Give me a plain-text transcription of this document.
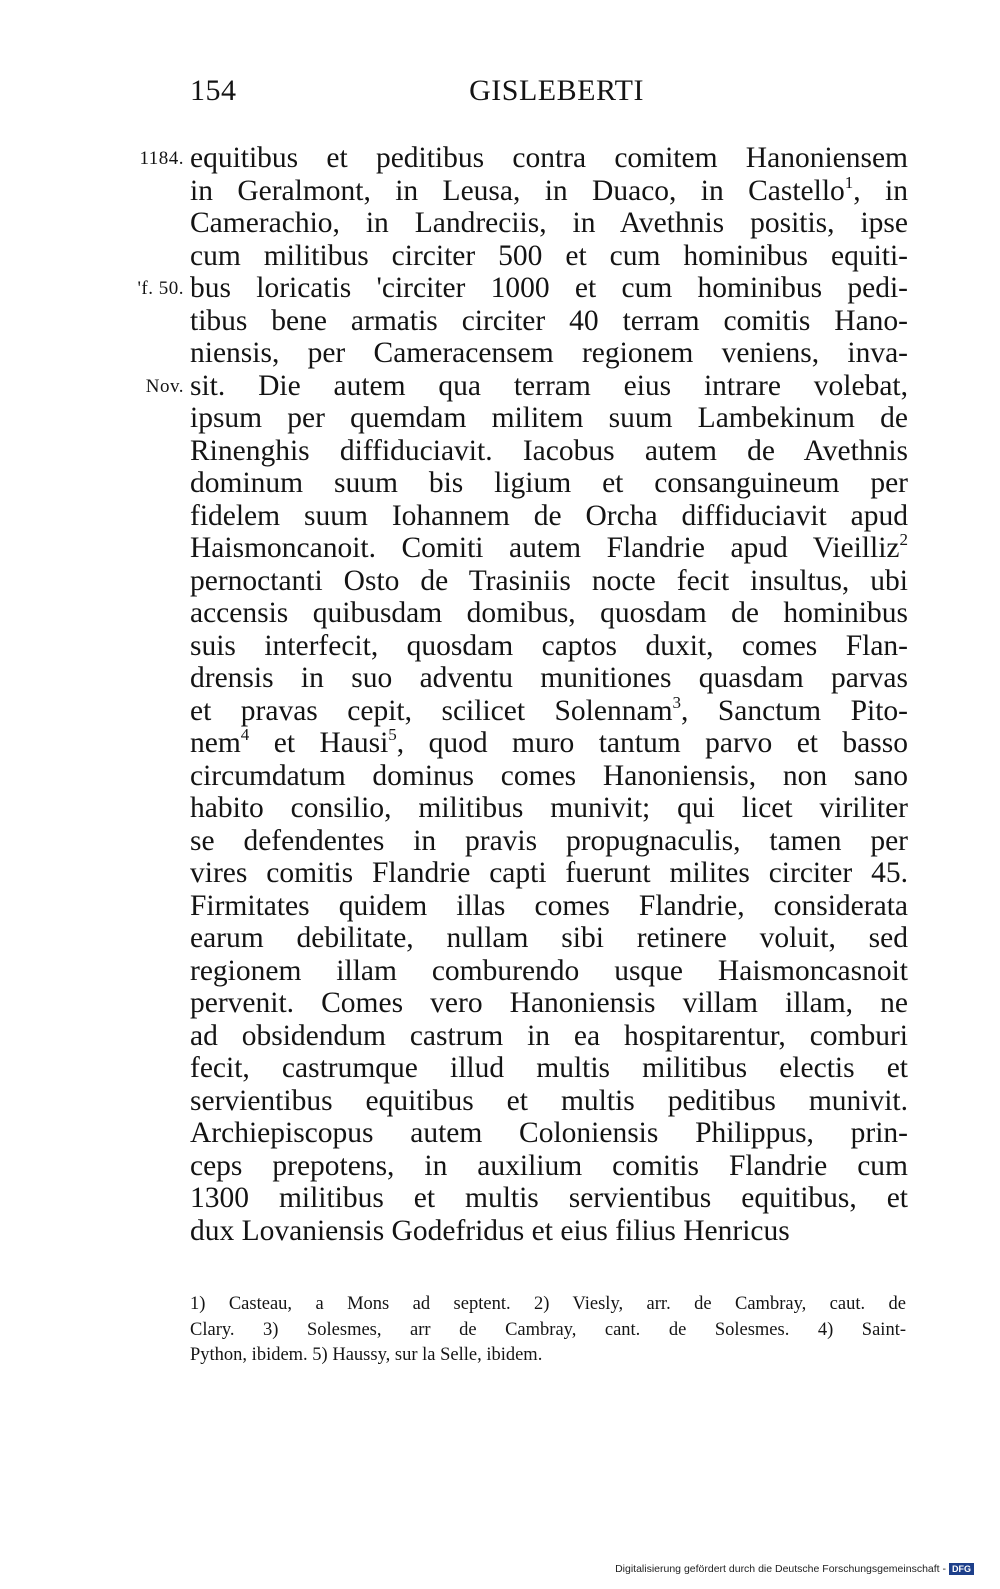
154	GISLEBERTI
1184. equitibus et peditibus contra comitem Hanoniensem
in Geralmont, in Leusa, in Duaco, in Castello$^1$, in
Camerachio, in Landreciis, in Avethnis positis, ipse
cum militibus circiter 500 et cum hominibus equiti-
'f. 50. bus loricatis 'circiter 1000 et cum hominibus pedi-
tibus bene armatis circiter 40 terram comitis Hano-
niensis, per Cameracensem regionem veniens, inva-
Nov. sit. Die autem qua terram eius intrare volebat,
ipsum per quemdam militem suum Lambekinum de
Rinenghis diffiduciavit. Iacobus autem de Avethnis
dominum suum bis ligium et consanguineum per
fidelem suum Iohannem de Orcha diffiduciavit apud
Haismoncanoit. Comiti autem Flandrie apud Vieilliz$^2$
pernoctanti Osto de Trasiniis nocte fecit insultus, ubi
accensis quibusdam domibus, quosdam de hominibus
suis interfecit, quosdam captos duxit, comes Flan-
drensis in suo adventu munitiones quasdam parvas
et pravas cepit, scilicet Solennam$^3$, Sanctum Pito-
nem$^4$ et Hausi$^5$, quod muro tantum parvo et basso
circumdatum dominus comes Hanoniensis, non sano
habito consilio, militibus munivit; qui licet viriliter
se defendentes in pravis propugnaculis, tamen per
vires comitis Flandrie capti fuerunt milites circiter 45.
Firmitates quidem illas comes Flandrie, considerata
earum debilitate, nullam sibi retinere voluit, sed
regionem illam comburendo usque Haismoncasnoit
pervenit. Comes vero Hanoniensis villam illam, ne
ad obsidendum castrum in ea hospitarentur, comburi
fecit, castrumque illud multis militibus electis et
servientibus equitibus et multis peditibus munivit.
Archiepiscopus autem Coloniensis Philippus, prin-
ceps prepotens, in auxilium comitis Flandrie cum
1300 militibus et multis servientibus equitibus, et
dux Lovaniensis Godefridus et eius filius Henricus
1) Casteau, a Mons ad septent. 2) Viesly, arr. de Cambray, caut. de
Clary. 3) Solesmes, arr de Cambray, cant. de Solesmes. 4) Saint-
Python, ibidem. 5) Haussy, sur la Selle, ibidem.
Digitalisierung gefördert durch die Deutsche Forschungsgemeinschaft - DFG
